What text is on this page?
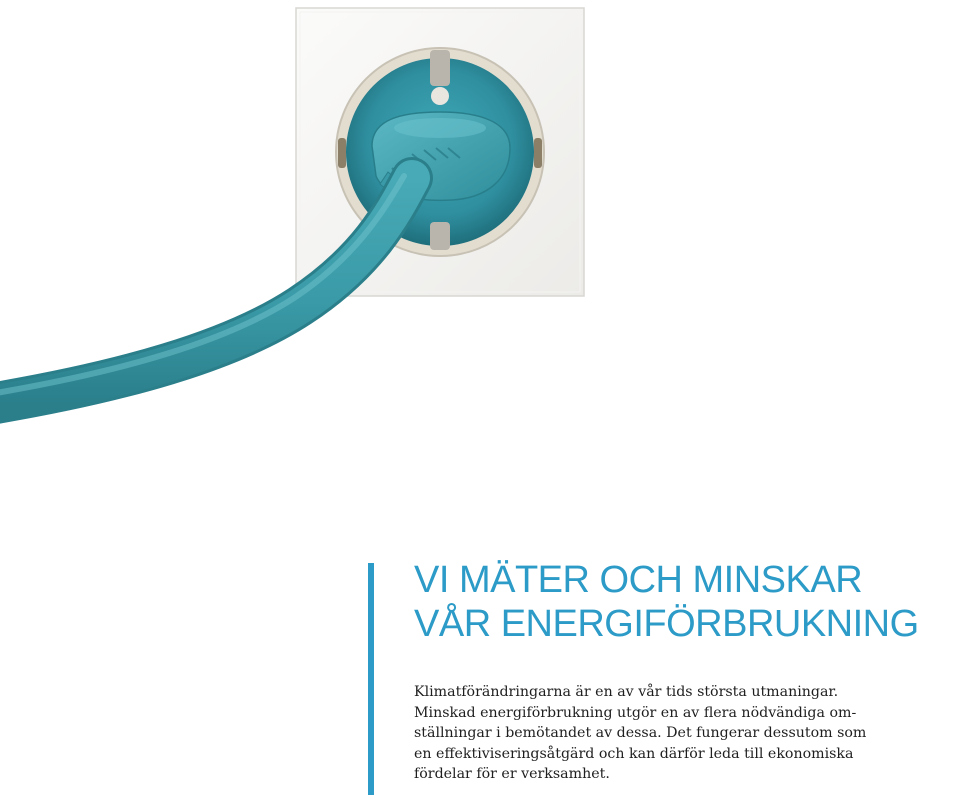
VI MÄTER OCH MINSKAR
VÅR ENERGIFÖRBRUKNING

Klimatförändringarna är en av vår tids största utmaningar.
Minskad energiförbrukning utgör en av flera nödvändiga om-
ställningar i bemötandet av dessa. Det fungerar dessutom som
en effektiviseringsåtgärd och kan därför leda till ekonomiska
fördelar för er verksamhet.
